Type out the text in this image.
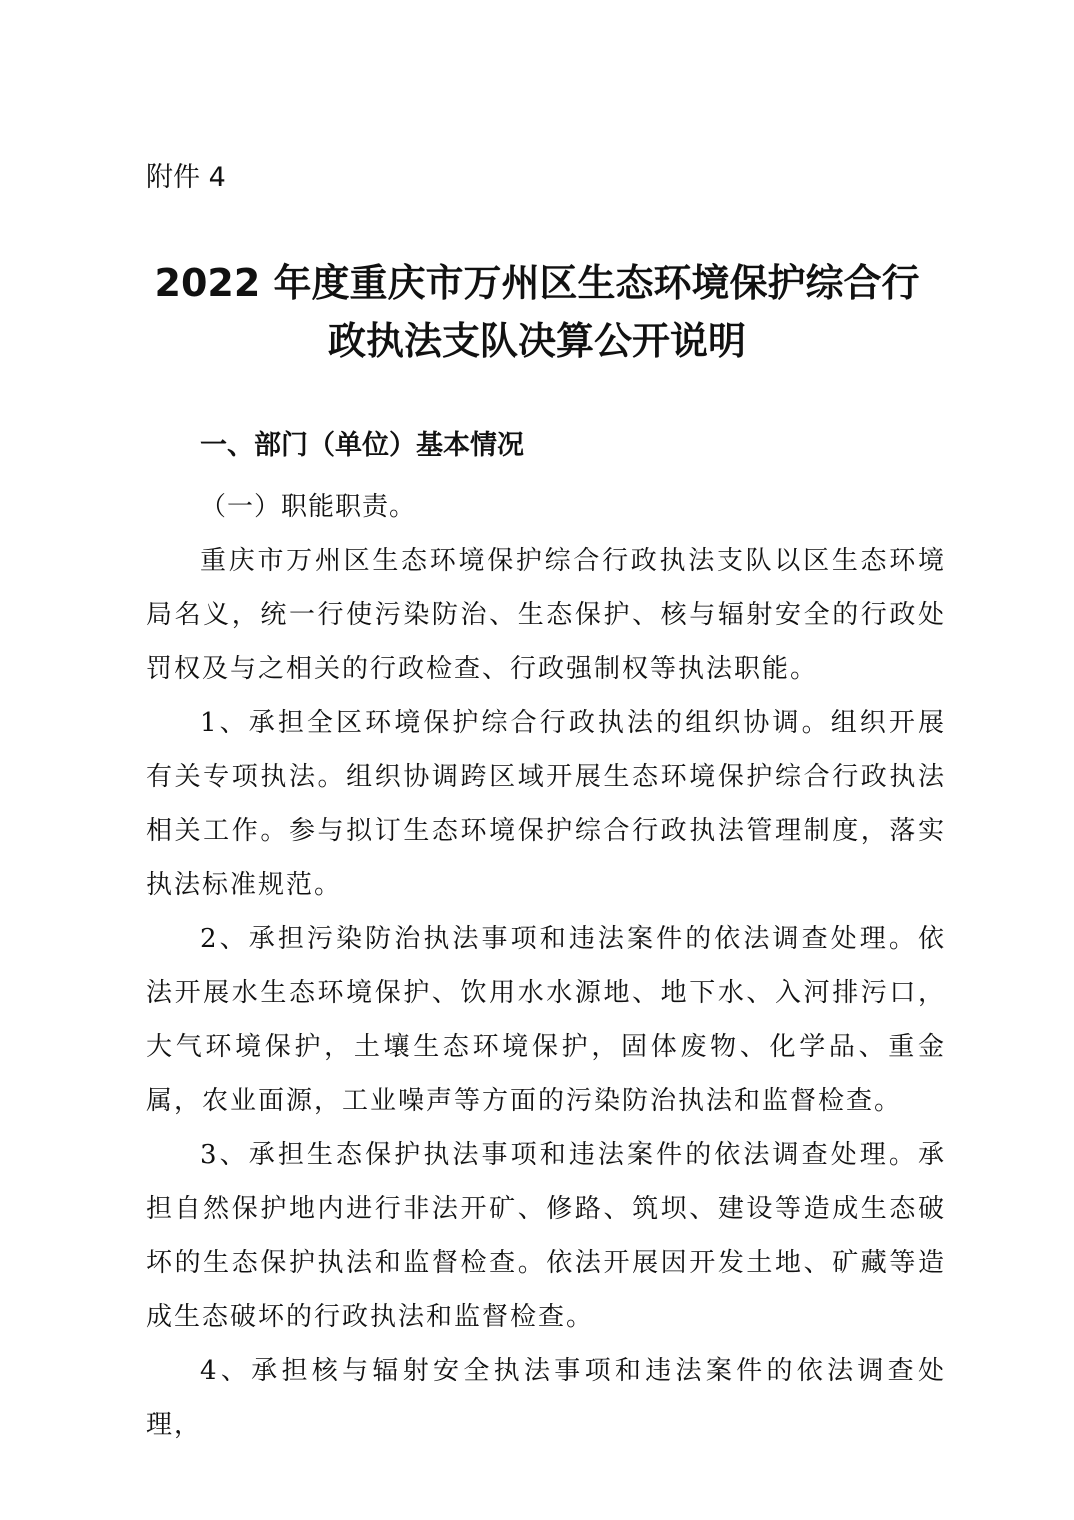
附件 4
2022 年度重庆市万州区生态环境保护综合行
政执法支队决算公开说明
一、部门（单位）基本情况

（一）职能职责。

重庆市万州区生态环境保护综合行政执法支队以区生态环境局名义，统一行使污染防治、生态保护、核与辐射安全的行政处罚权及与之相关的行政检查、行政强制权等执法职能。

1、承担全区环境保护综合行政执法的组织协调。组织开展有关专项执法。组织协调跨区域开展生态环境保护综合行政执法相关工作。参与拟订生态环境保护综合行政执法管理制度，落实执法标准规范。

2、承担污染防治执法事项和违法案件的依法调查处理。依法开展水生态环境保护、饮用水水源地、地下水、入河排污口，大气环境保护，土壤生态环境保护，固体废物、化学品、重金属，农业面源，工业噪声等方面的污染防治执法和监督检查。

3、承担生态保护执法事项和违法案件的依法调查处理。承担自然保护地内进行非法开矿、修路、筑坝、建设等造成生态破坏的生态保护执法和监督检查。依法开展因开发土地、矿藏等造成生态破坏的行政执法和监督检查。

4、承担核与辐射安全执法事项和违法案件的依法调查处理，
